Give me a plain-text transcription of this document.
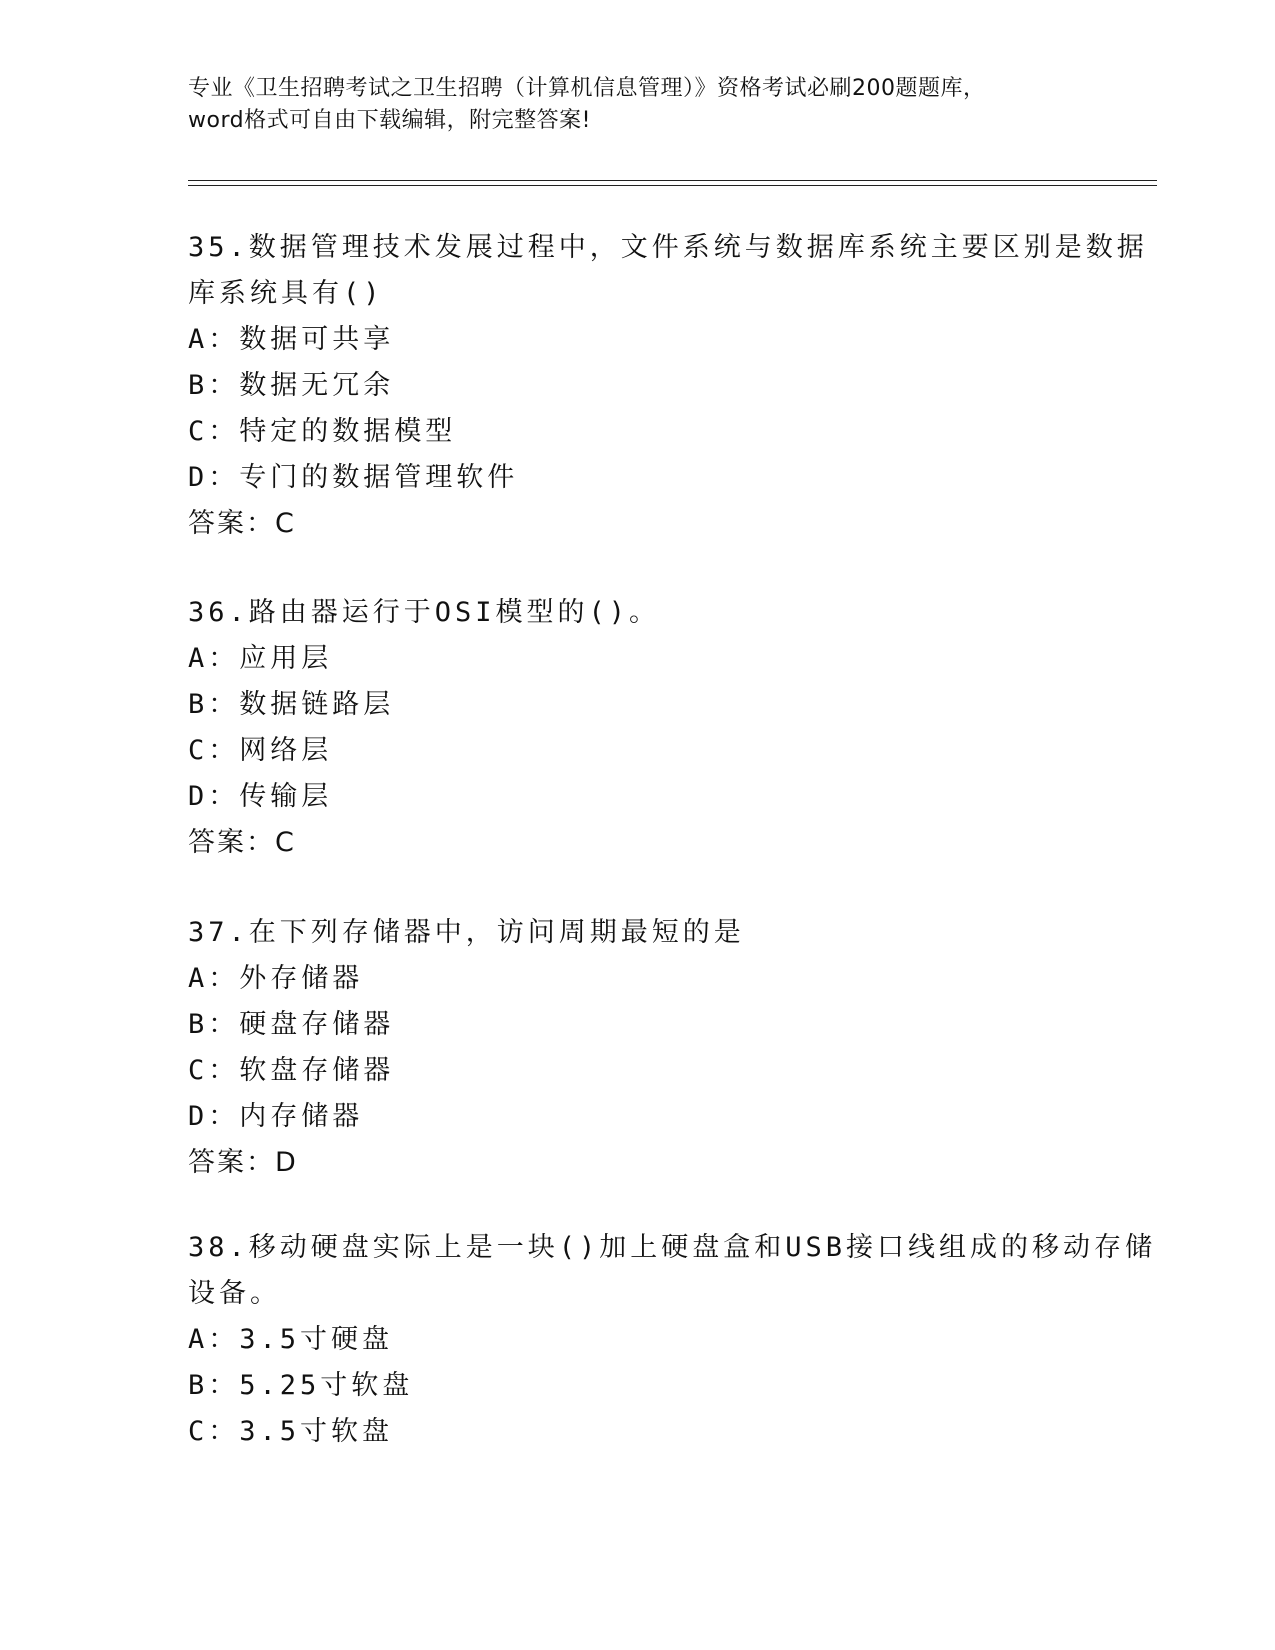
专业《卫生招聘考试之卫生招聘（计算机信息管理）》资格考试必刷200题题库，
word格式可自由下载编辑，附完整答案!
35.数据管理技术发展过程中，文件系统与数据库系统主要区别是数据
库系统具有()
A：数据可共享
B：数据无冗余
C：特定的数据模型
D：专门的数据管理软件
答案：C
36.路由器运行于OSI模型的()。
A：应用层
B：数据链路层
C：网络层
D：传输层
答案：C
37.在下列存储器中，访问周期最短的是
A：外存储器
B：硬盘存储器
C：软盘存储器
D：内存储器
答案：D
38.移动硬盘实际上是一块()加上硬盘盒和USB接口线组成的移动存储
设备。
A：3.5寸硬盘
B：5.25寸软盘
C：3.5寸软盘
